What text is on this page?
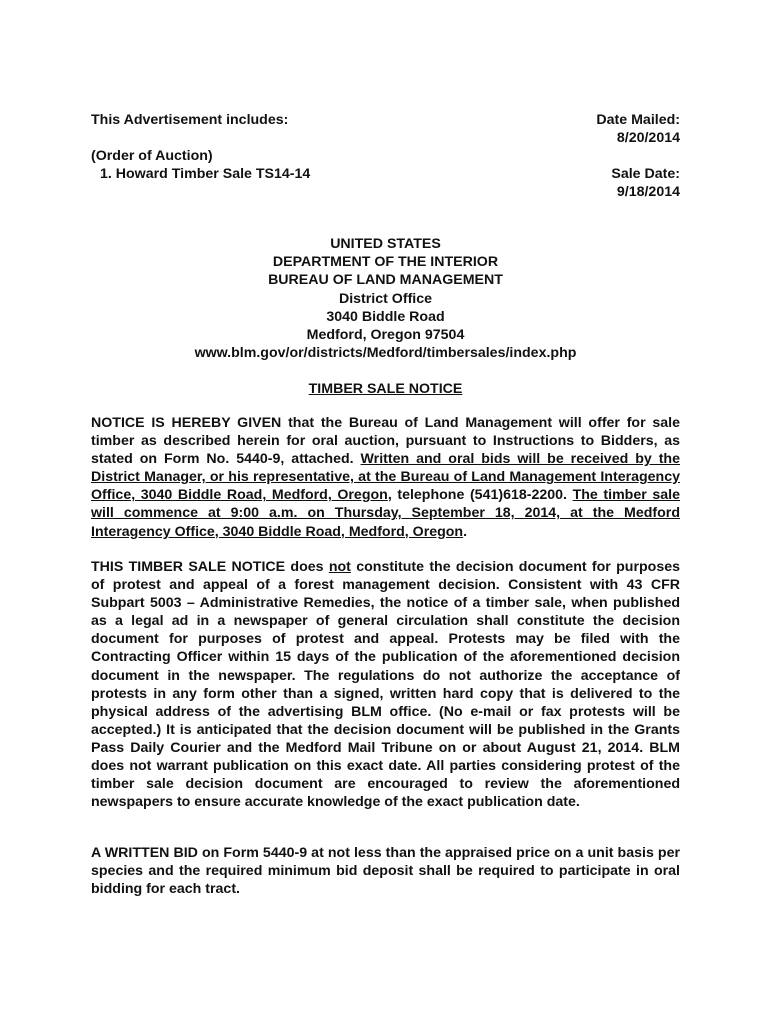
This Advertisement includes:
(Order of Auction)
1. Howard Timber Sale TS14-14
Date Mailed:
8/20/2014
Sale Date:
9/18/2014
UNITED STATES
DEPARTMENT OF THE INTERIOR
BUREAU OF LAND MANAGEMENT
District Office
3040 Biddle Road
Medford, Oregon 97504
www.blm.gov/or/districts/Medford/timbersales/index.php
TIMBER SALE NOTICE

NOTICE IS HEREBY GIVEN that the Bureau of Land Management will offer for sale timber as described herein for oral auction, pursuant to Instructions to Bidders, as stated on Form No. 5440-9, attached. Written and oral bids will be received by the District Manager, or his representative, at the Bureau of Land Management Interagency Office, 3040 Biddle Road, Medford, Oregon, telephone (541)618-2200. The timber sale will commence at 9:00 a.m. on Thursday, September 18, 2014, at the Medford Interagency Office, 3040 Biddle Road, Medford, Oregon.

THIS TIMBER SALE NOTICE does not constitute the decision document for purposes of protest and appeal of a forest management decision. Consistent with 43 CFR Subpart 5003 – Administrative Remedies, the notice of a timber sale, when published as a legal ad in a newspaper of general circulation shall constitute the decision document for purposes of protest and appeal. Protests may be filed with the Contracting Officer within 15 days of the publication of the aforementioned decision document in the newspaper. The regulations do not authorize the acceptance of protests in any form other than a signed, written hard copy that is delivered to the physical address of the advertising BLM office. (No e-mail or fax protests will be accepted.) It is anticipated that the decision document will be published in the Grants Pass Daily Courier and the Medford Mail Tribune on or about August 21, 2014. BLM does not warrant publication on this exact date. All parties considering protest of the timber sale decision document are encouraged to review the aforementioned newspapers to ensure accurate knowledge of the exact publication date.

A WRITTEN BID on Form 5440-9 at not less than the appraised price on a unit basis per species and the required minimum bid deposit shall be required to participate in oral bidding for each tract.
